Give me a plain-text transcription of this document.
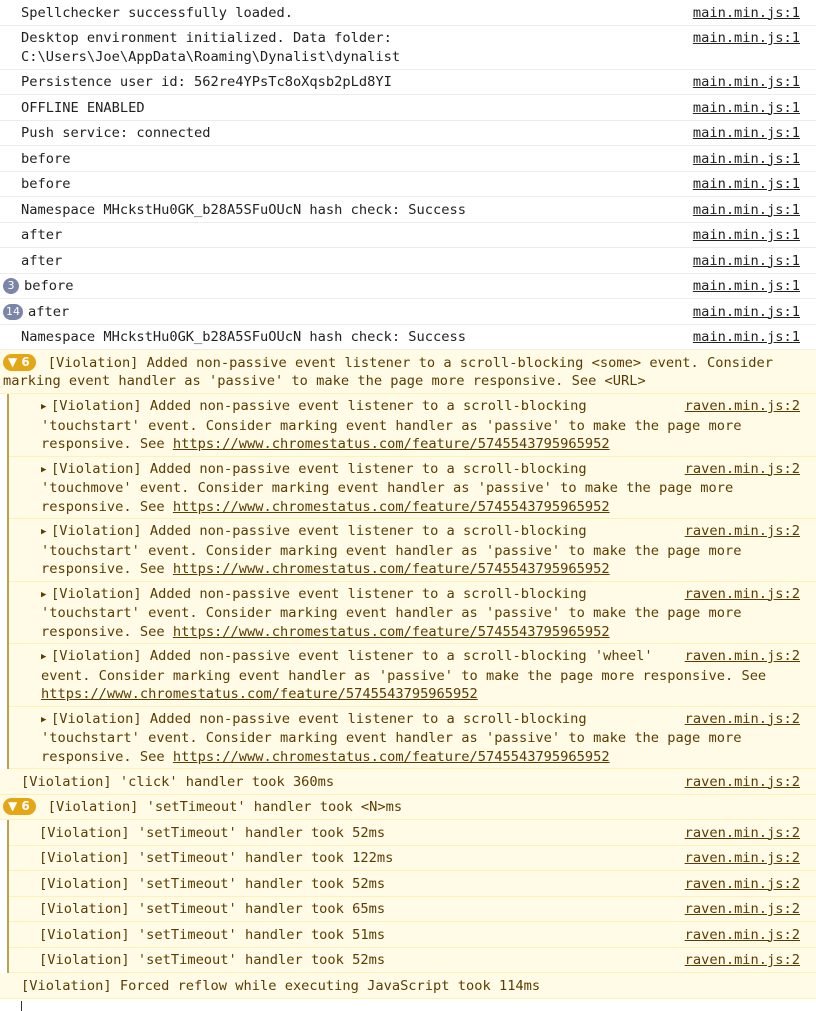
main.min.js:1
Spellchecker successfully loaded.
main.min.js:1
Desktop environment initialized. Data folder:
C:\Users\Joe\AppData\Roaming\Dynalist\dynalist
main.min.js:1
Persistence user id: 562re4YPsTc8oXqsb2pLd8YI
main.min.js:1
OFFLINE ENABLED
main.min.js:1
Push service: connected
main.min.js:1
before
main.min.js:1
before
main.min.js:1
Namespace MHckstHu0GK_b28A5SFuOUcN hash check: Success
main.min.js:1
after
main.min.js:1
after
main.min.js:1
3 before
main.min.js:1
14 after
main.min.js:1
Namespace MHckstHu0GK_b28A5SFuOUcN hash check: Success
▼ 6 [Violation] Added non-passive event listener to a scroll-blocking <some> event. Consider marking event handler as 'passive' to make the page more responsive. See <URL>
raven.min.js:2
▶ [Violation] Added non-passive event listener to a scroll-blocking 'touchstart' event. Consider marking event handler as 'passive' to make the page more responsive. See https://www.chromestatus.com/feature/5745543795965952
raven.min.js:2
▶ [Violation] Added non-passive event listener to a scroll-blocking 'touchmove' event. Consider marking event handler as 'passive' to make the page more responsive. See https://www.chromestatus.com/feature/5745543795965952
raven.min.js:2
▶ [Violation] Added non-passive event listener to a scroll-blocking 'touchstart' event. Consider marking event handler as 'passive' to make the page more responsive. See https://www.chromestatus.com/feature/5745543795965952
raven.min.js:2
▶ [Violation] Added non-passive event listener to a scroll-blocking 'touchstart' event. Consider marking event handler as 'passive' to make the page more responsive. See https://www.chromestatus.com/feature/5745543795965952
raven.min.js:2
▶ [Violation] Added non-passive event listener to a scroll-blocking 'wheel' event. Consider marking event handler as 'passive' to make the page more responsive. See https://www.chromestatus.com/feature/5745543795965952
raven.min.js:2
▶ [Violation] Added non-passive event listener to a scroll-blocking 'touchstart' event. Consider marking event handler as 'passive' to make the page more responsive. See https://www.chromestatus.com/feature/5745543795965952
raven.min.js:2
[Violation] 'click' handler took 360ms
▼ 6 [Violation] 'setTimeout' handler took <N>ms
raven.min.js:2
[Violation] 'setTimeout' handler took 52ms
raven.min.js:2
[Violation] 'setTimeout' handler took 122ms
raven.min.js:2
[Violation] 'setTimeout' handler took 52ms
raven.min.js:2
[Violation] 'setTimeout' handler took 65ms
raven.min.js:2
[Violation] 'setTimeout' handler took 51ms
raven.min.js:2
[Violation] 'setTimeout' handler took 52ms
[Violation] Forced reflow while executing JavaScript took 114ms
